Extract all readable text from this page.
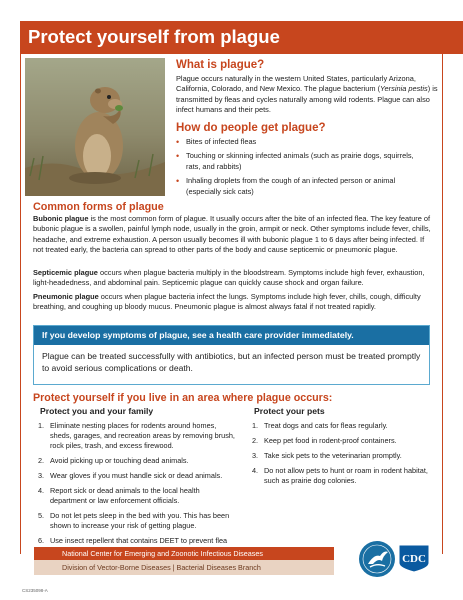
Protect yourself from plague
What is plague?
Plague occurs naturally in the western United States, particularly Arizona, California, Colorado, and New Mexico. The plague bacterium (Yersinia pestis) is transmitted by fleas and cycles naturally among wild rodents. Plague can also infect humans and their pets.
How do people get plague?
• Bites of infected fleas
• Touching or skinning infected animals (such as prairie dogs, squirrels, rats, and rabbits)
• Inhaling droplets from the cough of an infected person or animal (especially sick cats)
Common forms of plague
Bubonic plague is the most common form of plague. It usually occurs after the bite of an infected flea. The key feature of bubonic plague is a swollen, painful lymph node, usually in the groin, armpit or neck. Other symptoms include fever, chills, headache, and extreme exhaustion. A person usually becomes ill with bubonic plague 1 to 6 days after being infected. If not treated early, the bacteria can spread to other parts of the body and cause septicemic or pneumonic plague.
Septicemic plague occurs when plague bacteria multiply in the bloodstream. Symptoms include high fever, exhaustion, light-headedness, and abdominal pain. Septicemic plague can quickly cause shock and organ failure.
Pneumonic plague occurs when plague bacteria infect the lungs. Symptoms include high fever, chills, cough, difficulty breathing, and coughing up bloody mucus. Pneumonic plague is almost always fatal if not treated rapidly.
If you develop symptoms of plague, see a health care provider immediately.
Plague can be treated successfully with antibiotics, but an infected person must be treated promptly to avoid serious complications or death.
Protect yourself if you live in an area where plague occurs:
Protect you and your family
1. Eliminate nesting places for rodents around homes, sheds, garages, and recreation areas by removing brush, rock piles, trash, and excess firewood.
2. Avoid picking up or touching dead animals.
3. Wear gloves if you must handle sick or dead animals.
4. Report sick or dead animals to the local health department or law enforcement officials.
5. Do not let pets sleep in the bed with you. This has been shown to increase your risk of getting plague.
6. Use insect repellent that contains DEET to prevent flea
Protect your pets
1. Treat dogs and cats for fleas regularly.
2. Keep pet food in rodent-proof containers.
3. Take sick pets to the veterinarian promptly.
4. Do not allow pets to hunt or roam in rodent habitat, such as prairie dog colonies.
National Center for Emerging and Zoonotic Infectious Diseases
Division of Vector-Borne Diseases | Bacterial Diseases Branch
CS235098-A
CDC
